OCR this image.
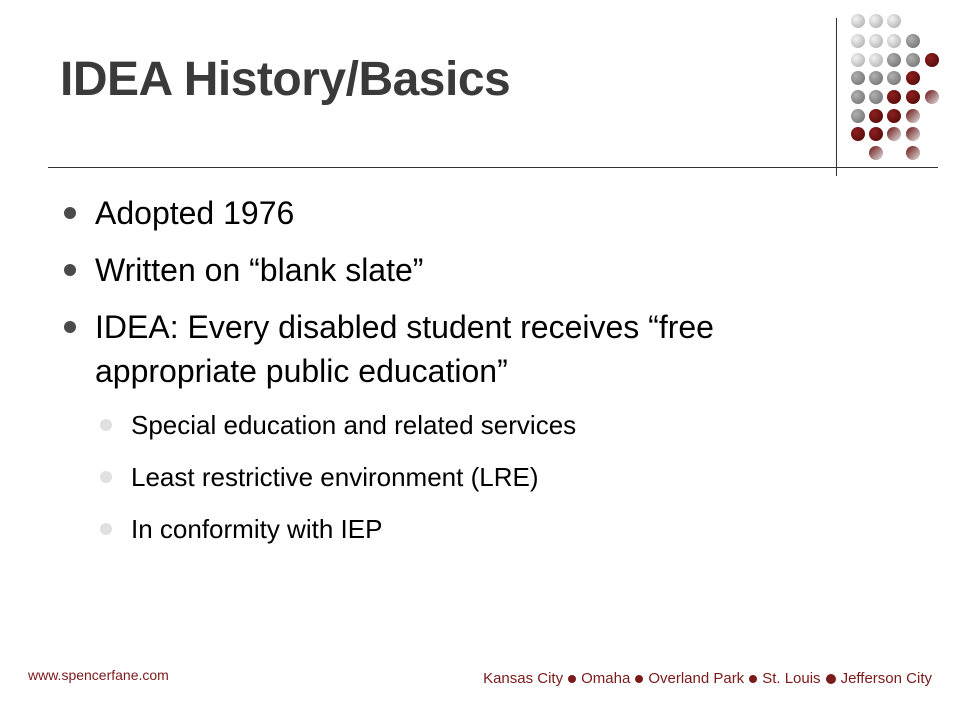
IDEA History/Basics
Adopted 1976
Written on “blank slate”
IDEA: Every disabled student receives “free
appropriate public education”
Special education and related services
Least restrictive environment (LRE)
In conformity with IEP
www.spencerfane.com	Kansas City Omaha Overland Park St. Louis Jefferson City
